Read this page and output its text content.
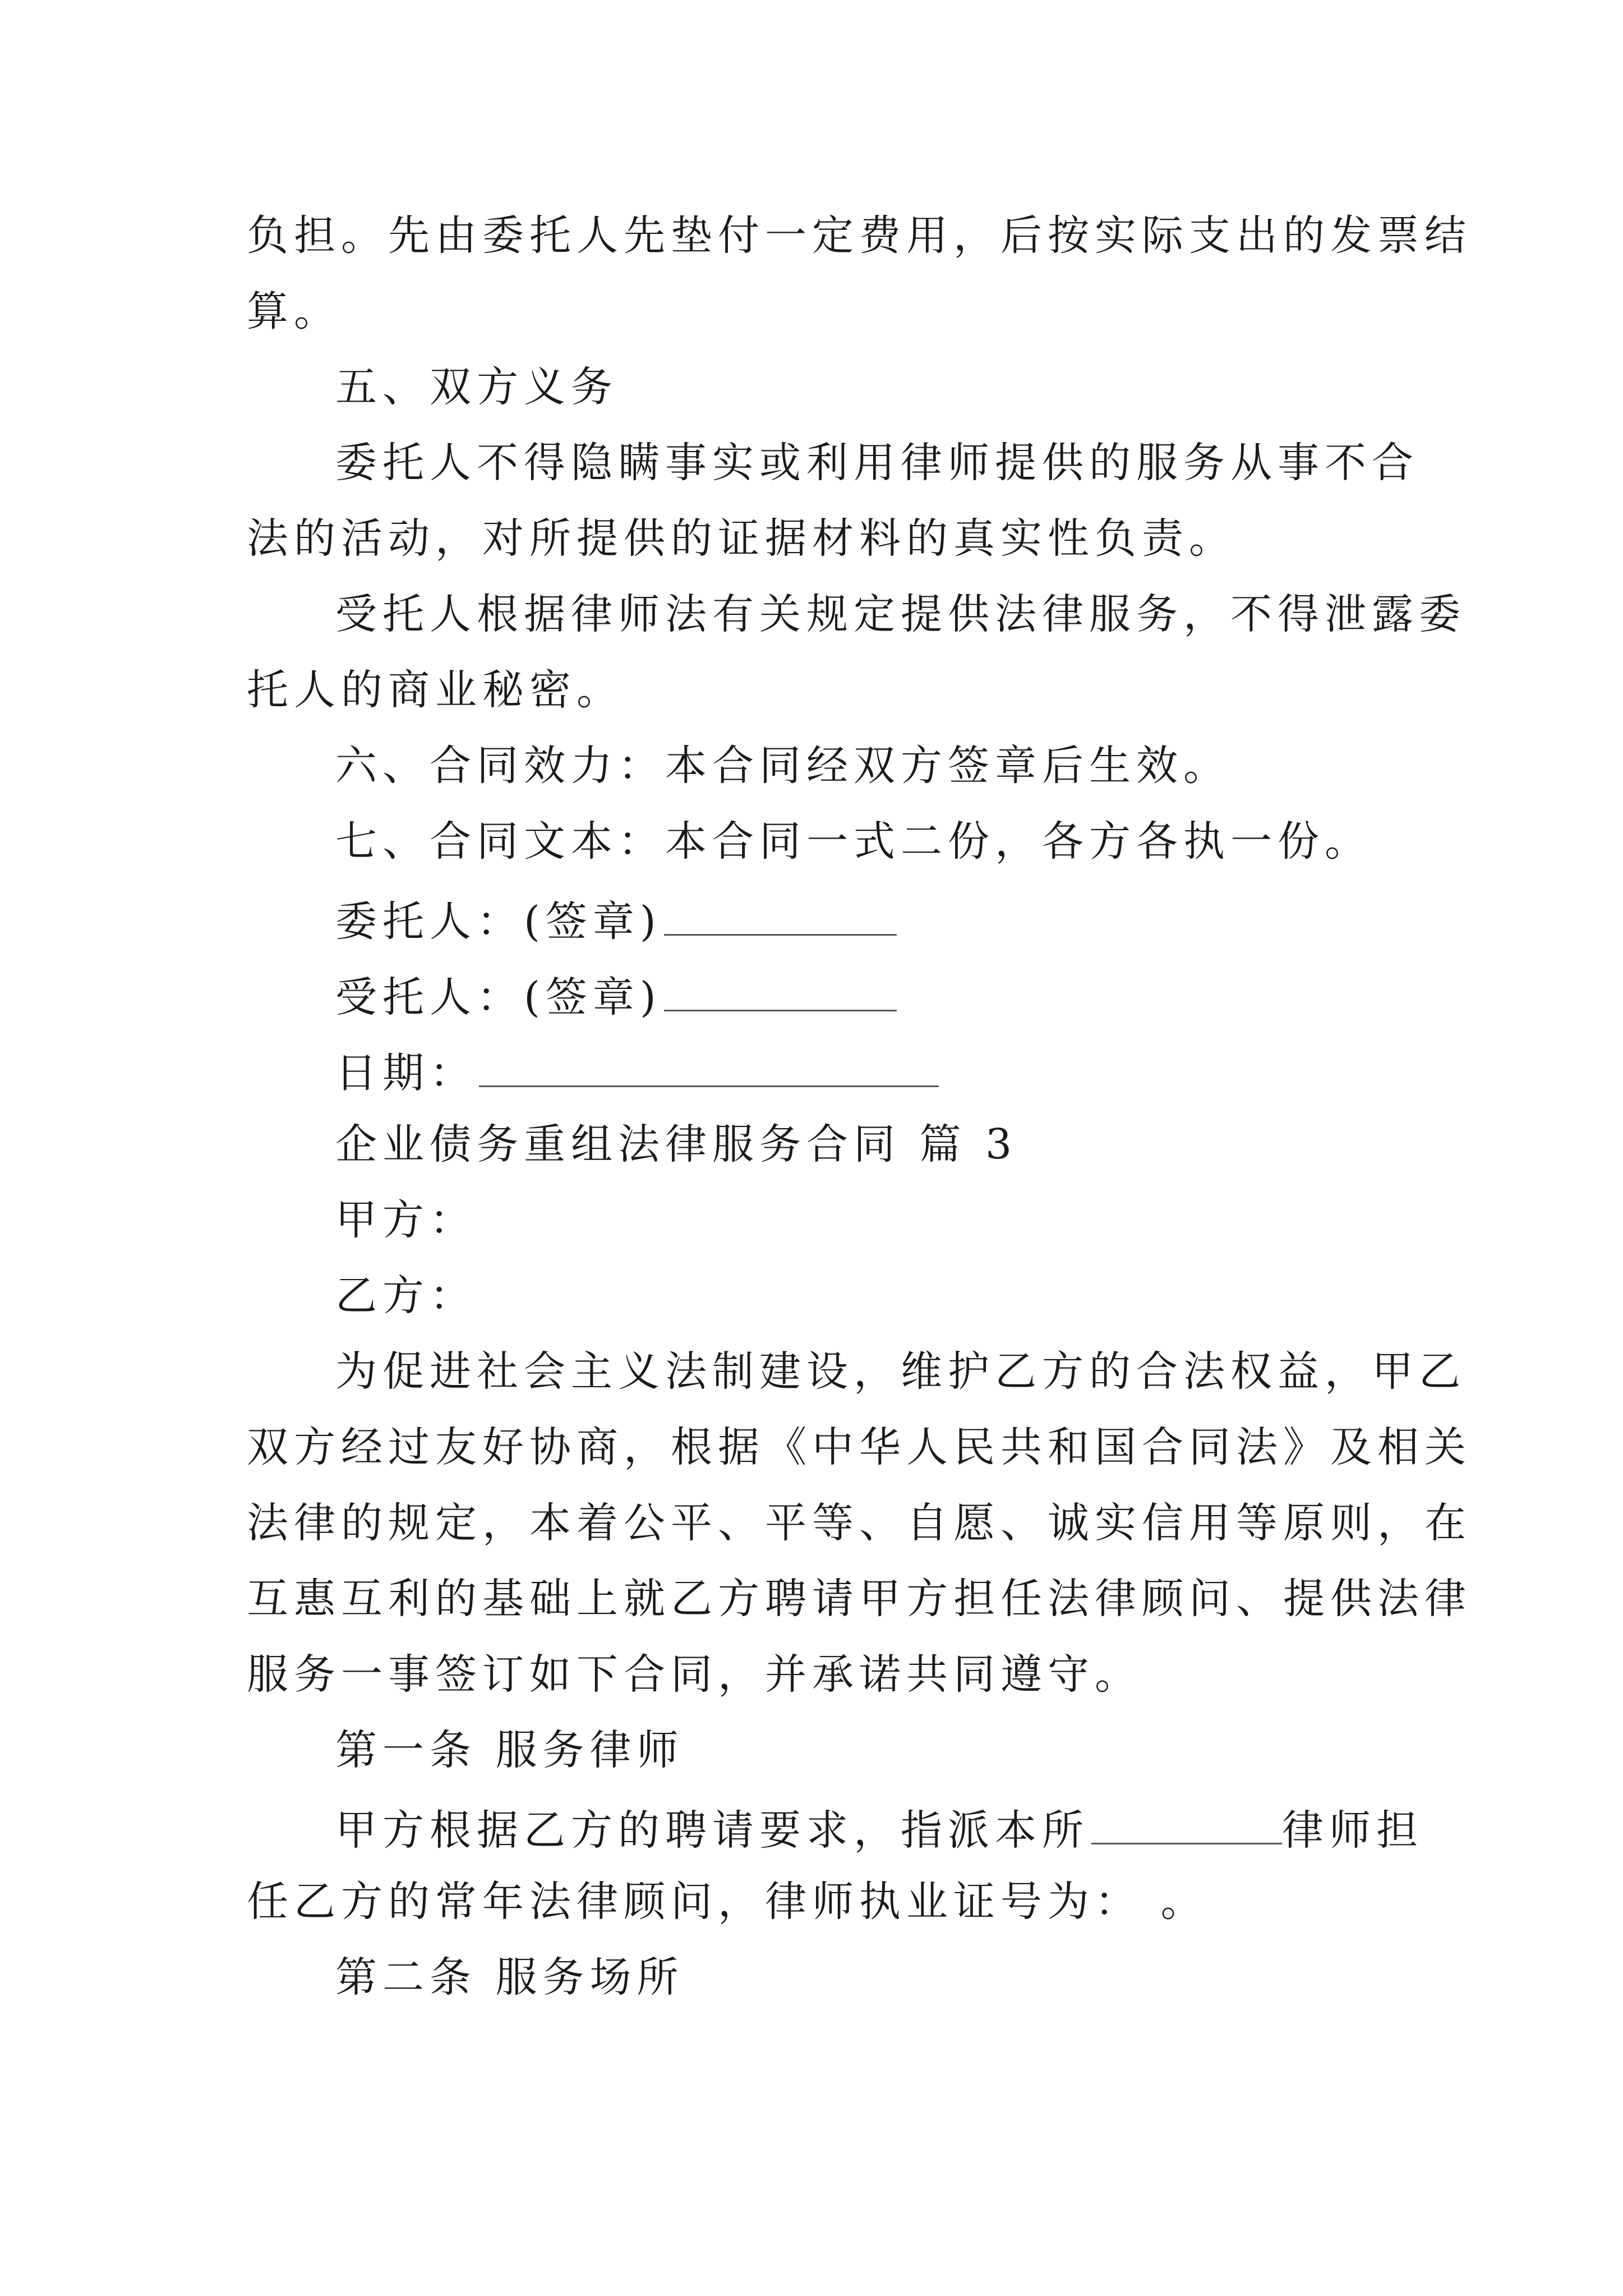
负担。先由委托人先垫付一定费用，后按实际支出的发票结
算。
五、双方义务
委托人不得隐瞒事实或利用律师提供的服务从事不合
法的活动，对所提供的证据材料的真实性负责。
受托人根据律师法有关规定提供法律服务，不得泄露委
托人的商业秘密。
六、合同效力：本合同经双方签章后生效。
七、合同文本：本合同一式二份，各方各执一份。
委托人：(签章)
受托人：(签章)
日期：
企业债务重组法律服务合同 篇 3
甲方：
乙方：
为促进社会主义法制建设，维护乙方的合法权益，甲乙
双方经过友好协商，根据《中华人民共和国合同法》及相关
法律的规定，本着公平、平等、自愿、诚实信用等原则，在
互惠互利的基础上就乙方聘请甲方担任法律顾问、提供法律
服务一事签订如下合同，并承诺共同遵守。
第一条 服务律师
甲方根据乙方的聘请要求，指派本所	律师担
任乙方的常年法律顾问，律师执业证号为： 。
第二条 服务场所
